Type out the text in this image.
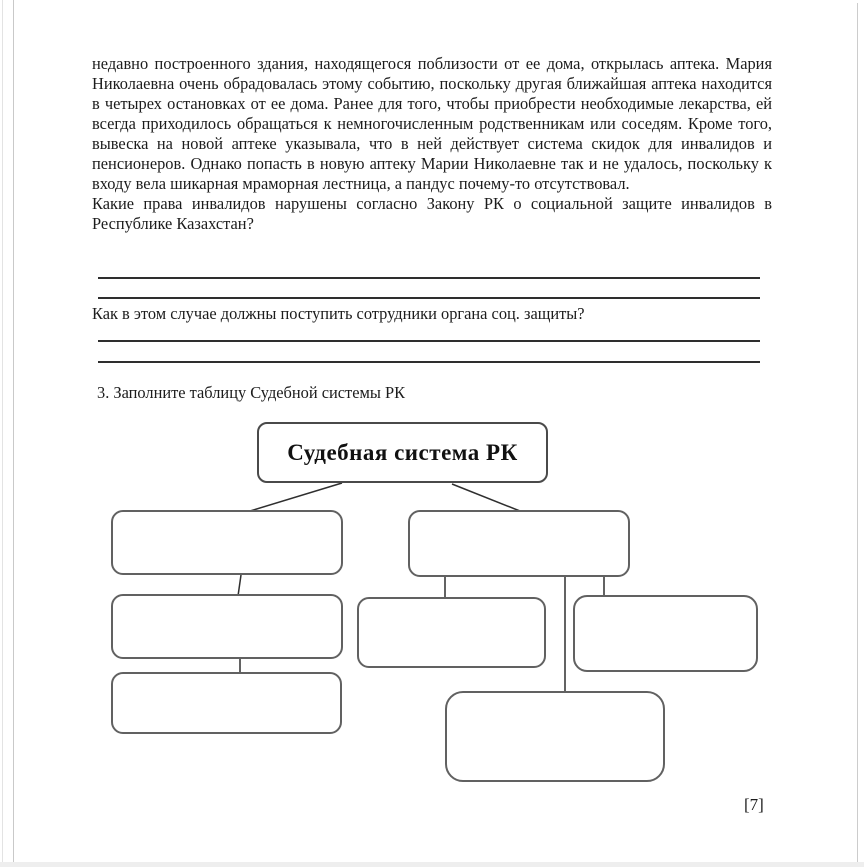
недавно построенного здания, находящегося поблизости от ее дома, открылась аптека. Мария Николаевна очень обрадовалась этому событию, поскольку другая ближайшая аптека находится в четырех остановках от ее дома. Ранее для того, чтобы приобрести необходимые лекарства, ей всегда приходилось обращаться к немногочисленным родственникам или соседям. Кроме того, вывеска на новой аптеке указывала, что в ней действует система скидок для инвалидов и пенсионеров. Однако попасть в новую аптеку Марии Николаевне так и не удалось, поскольку к входу вела шикарная мраморная лестница, а пандус почему-то отсутствовал.
Какие права инвалидов нарушены согласно Закону РК о социальной защите инвалидов в Республике Казахстан?
Как в этом случае должны поступить сотрудники органа соц. защиты?
3. Заполните таблицу Судебной системы РК
Судебная система РК
[7]
